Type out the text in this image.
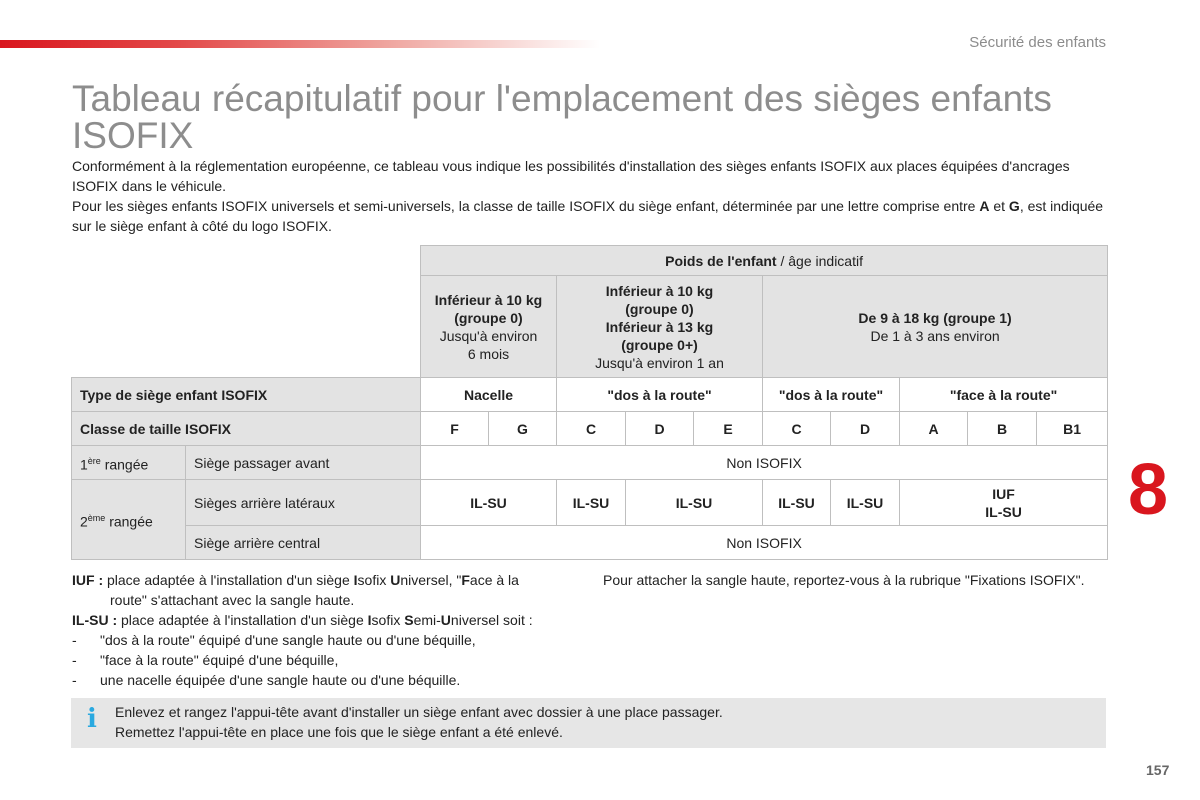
Sécurité des enfants
Tableau récapitulatif pour l'emplacement des sièges enfants ISOFIX

Conformément à la réglementation européenne, ce tableau vous indique les possibilités d'installation des sièges enfants ISOFIX aux places équipées d'ancrages ISOFIX dans le véhicule.

Pour les sièges enfants ISOFIX universels et semi-universels, la classe de taille ISOFIX du siège enfant, déterminée par une lettre comprise entre A et G, est indiquée sur le siège enfant à côté du logo ISOFIX.

		Poids de l'enfant / âge indicatif									
		Inférieur à 10 kg
(groupe 0)
Jusqu'à environ
6 mois		Inférieur à 10 kg
(groupe 0)
Inférieur à 13 kg
(groupe 0+)
Jusqu'à environ 1 an			De 9 à 18 kg (groupe 1)
De 1 à 3 ans environ				
Type de siège enfant ISOFIX		Nacelle		"dos à la route"			"dos à la route"		"face à la route"		
Classe de taille ISOFIX		F	G	C	D	E	C	D	A	B	B1
1ère rangée	Siège passager avant	Non ISOFIX									
2ème rangée	Sièges arrière latéraux	IL-SU		IL-SU	IL-SU		IL-SU	IL-SU	IUF
IL-SU		
	Siège arrière central	Non ISOFIX									

IUF : place adaptée à l'installation d'un siège Isofix Universel, "Face à la

route" s'attachant avec la sangle haute.

IL-SU : place adaptée à l'installation d'un siège Isofix Semi-Universel soit :

- "dos à la route" équipé d'une sangle haute ou d'une béquille,

- "face à la route" équipé d'une béquille,

- une nacelle équipée d'une sangle haute ou d'une béquille.

Pour attacher la sangle haute, reportez-vous à la rubrique "Fixations ISOFIX".
i Enlevez et rangez l'appui-tête avant d'installer un siège enfant avec dossier à une place passager.
Remettez l'appui-tête en place une fois que le siège enfant a été enlevé.
8
157
